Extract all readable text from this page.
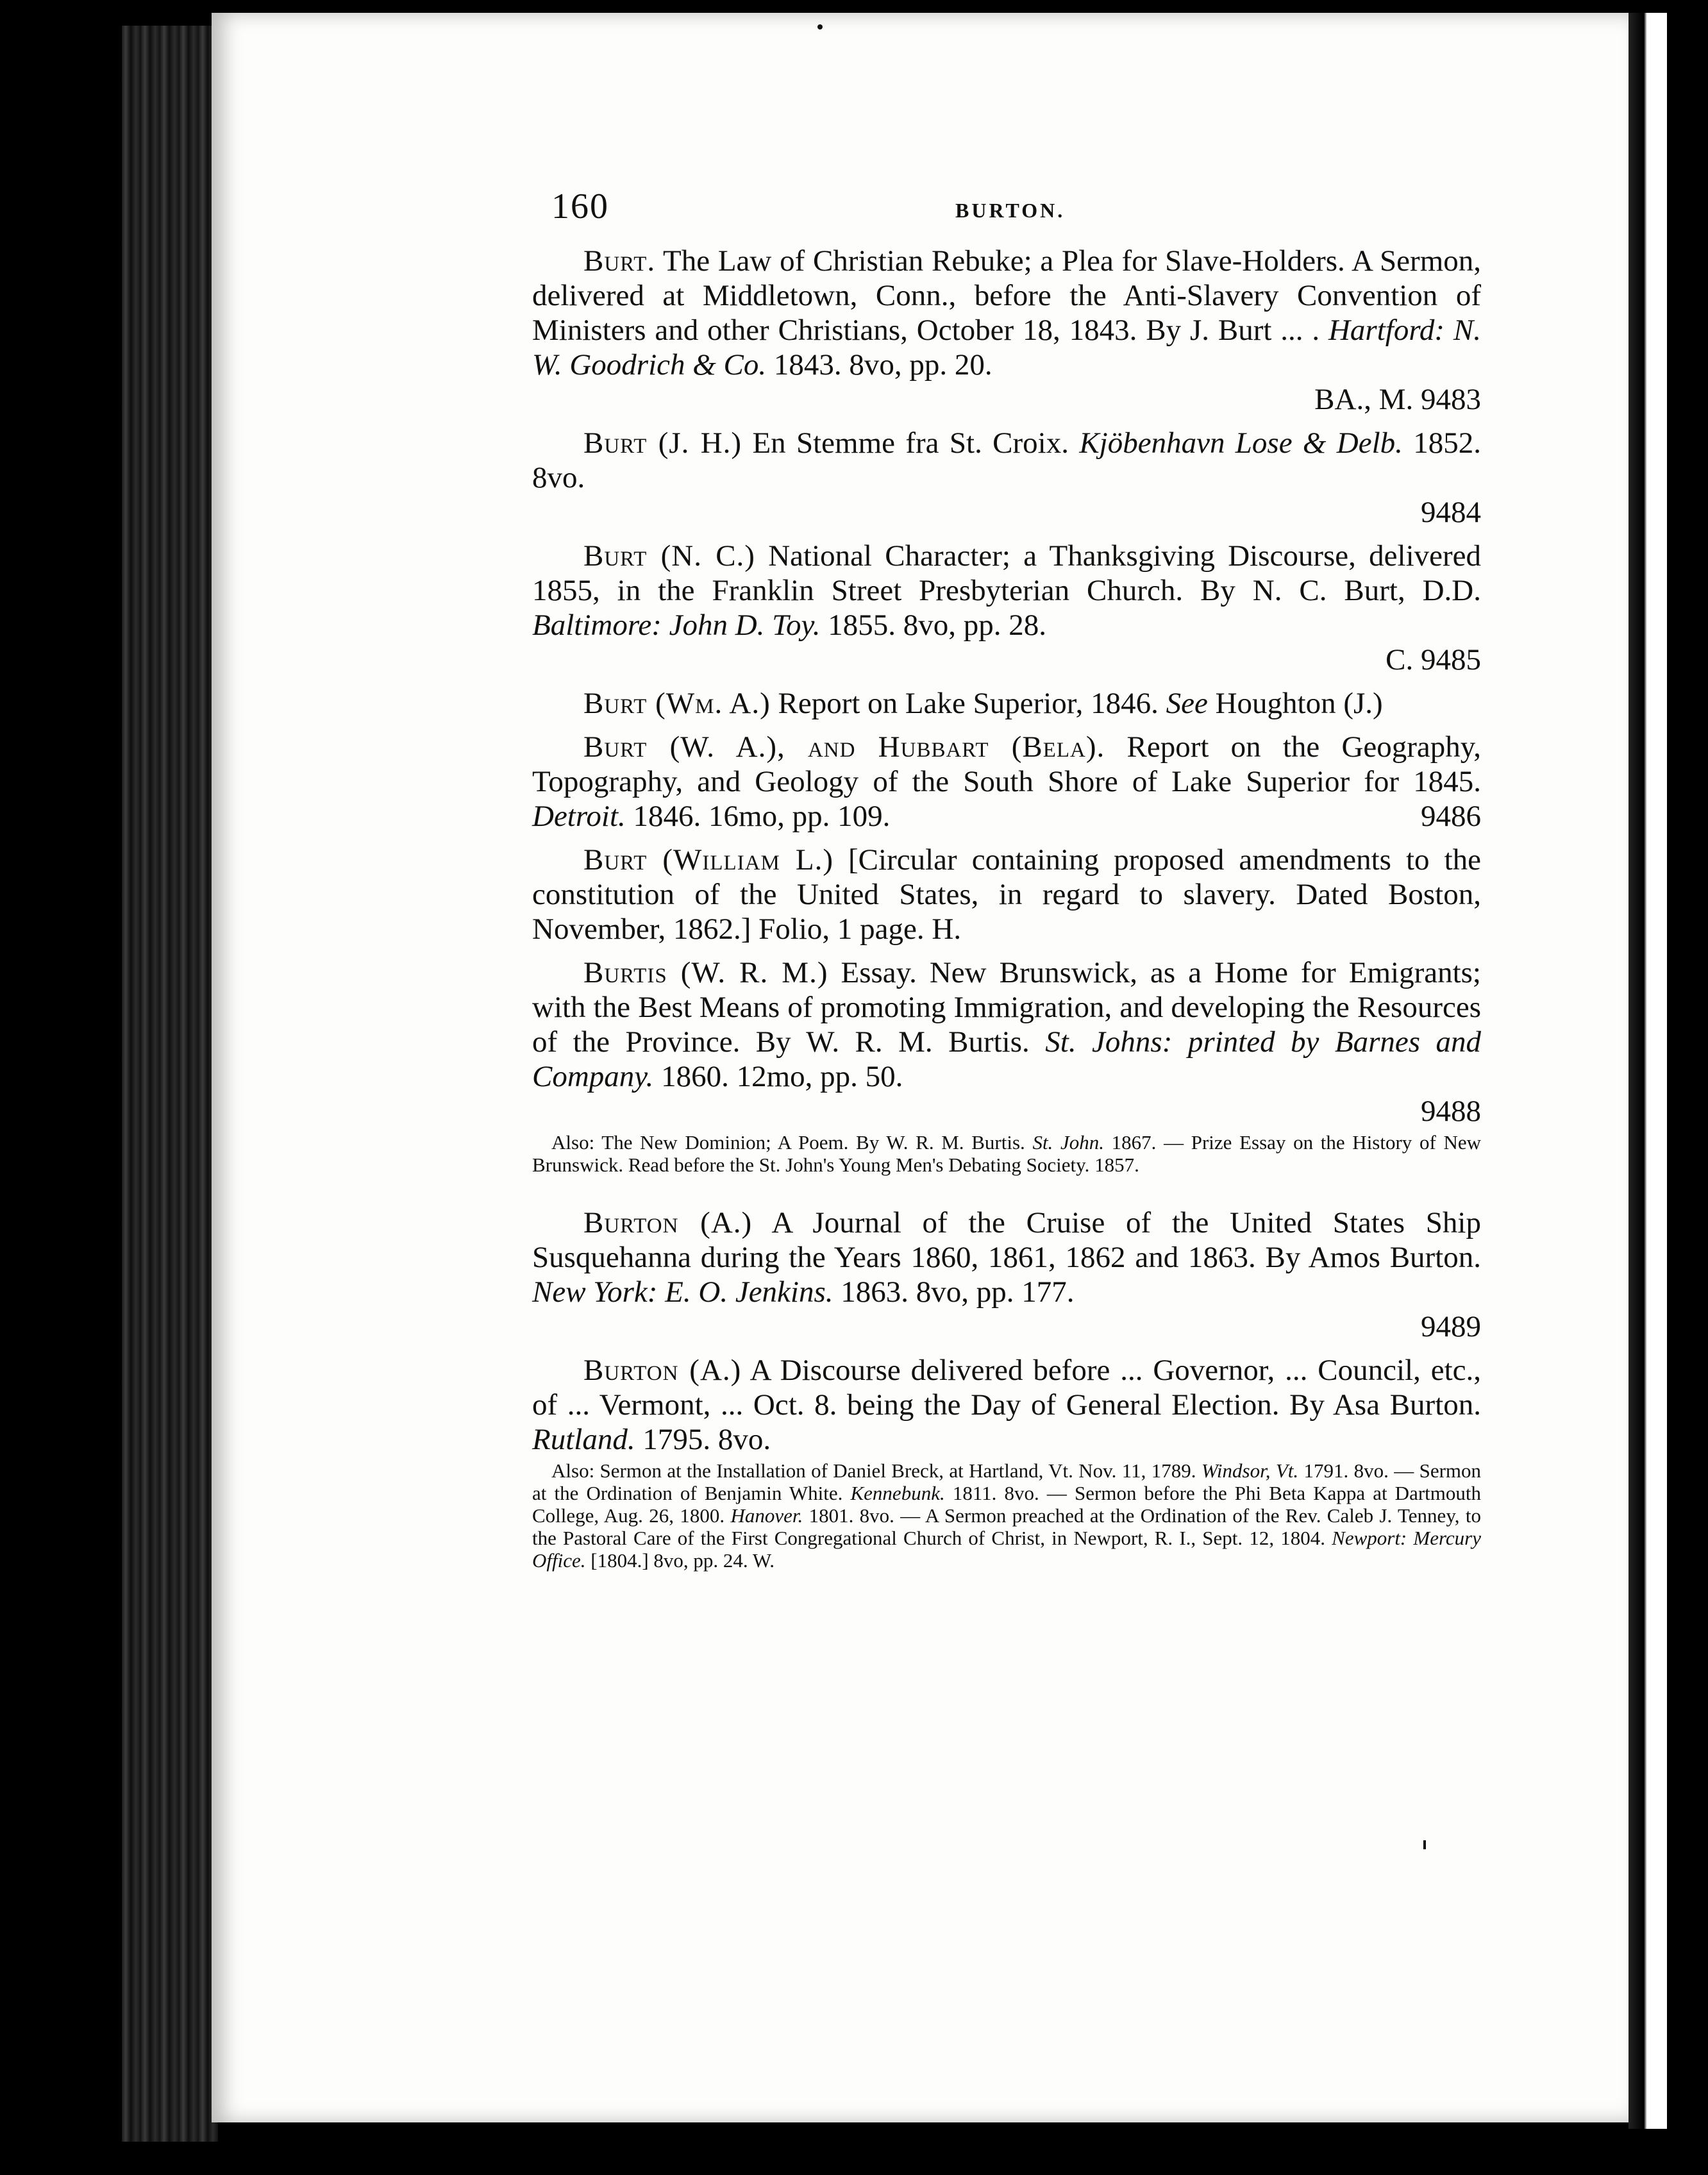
160	BURTON.

Burt. The Law of Christian Rebuke; a Plea for Slave-Holders. A Sermon, delivered at Middletown, Conn., before the Anti-Slavery Convention of Ministers and other Christians, October 18, 1843. By J. Burt ... . Hartford: N. W. Goodrich & Co. 1843. 8vo, pp. 20.
BA., M. 9483

Burt (J. H.) En Stemme fra St. Croix. Kjöbenhavn Lose & Delb. 1852. 8vo.
9484

Burt (N. C.) National Character; a Thanksgiving Discourse, delivered 1855, in the Franklin Street Presbyterian Church. By N. C. Burt, D.D. Baltimore: John D. Toy. 1855. 8vo, pp. 28.
C. 9485

Burt (Wm. A.) Report on Lake Superior, 1846. See Houghton (J.)

Burt (W. A.), and Hubbart (Bela). Report on the Geography, Topography, and Geology of the South Shore of Lake Superior for 1845. Detroit. 1846. 16mo, pp. 109.	9486

Burt (William L.) [Circular containing proposed amendments to the constitution of the United States, in regard to slavery. Dated Boston, November, 1862.] Folio, 1 page. H.

Burtis (W. R. M.) Essay. New Brunswick, as a Home for Emigrants; with the Best Means of promoting Immigration, and developing the Resources of the Province. By W. R. M. Burtis. St. Johns: printed by Barnes and Company. 1860. 12mo, pp. 50.
9488

Also: The New Dominion; A Poem. By W. R. M. Burtis. St. John. 1867. — Prize Essay on the History of New Brunswick. Read before the St. John's Young Men's Debating Society. 1857.

Burton (A.) A Journal of the Cruise of the United States Ship Susquehanna during the Years 1860, 1861, 1862 and 1863. By Amos Burton. New York: E. O. Jenkins. 1863. 8vo, pp. 177.
9489

Burton (A.) A Discourse delivered before ... Governor, ... Council, etc., of ... Vermont, ... Oct. 8. being the Day of General Election. By Asa Burton. Rutland. 1795. 8vo.

Also: Sermon at the Installation of Daniel Breck, at Hartland, Vt. Nov. 11, 1789. Windsor, Vt. 1791. 8vo. — Sermon at the Ordination of Benjamin White. Kennebunk. 1811. 8vo. — Sermon before the Phi Beta Kappa at Dartmouth College, Aug. 26, 1800. Hanover. 1801. 8vo. — A Sermon preached at the Ordination of the Rev. Caleb J. Tenney, to the Pastoral Care of the First Congregational Church of Christ, in Newport, R. I., Sept. 12, 1804. Newport: Mercury Office. [1804.] 8vo, pp. 24. W.
